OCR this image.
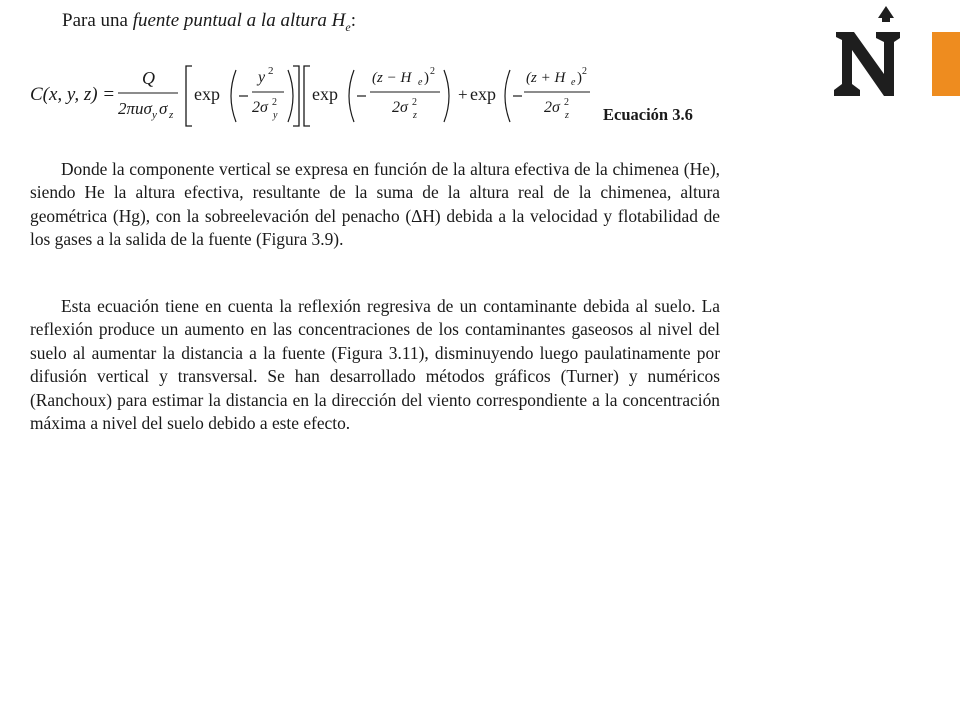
Para una fuente puntual a la altura $H_e$:
C(x, y, z) =
Q
2πuσ y σ z
exp
y 2
2σ 2
y
exp
(z − H e ) 2
2σ 2
z
+ exp
(z + H e ) 2
2σ 2
z Ecuación 3.6

Donde la componente vertical se expresa en función de la altura efectiva de la chimenea (He), siendo He la altura efectiva, resultante de la suma de la altura real de la chimenea, altura geométrica (Hg), con la sobreelevación del penacho (ΔH) debida a la velocidad y flotabilidad de los gases a la salida de la fuente (Figura 3.9).

Esta ecuación tiene en cuenta la reflexión regresiva de un contaminante debida al suelo. La reflexión produce un aumento en las concentraciones de los contaminantes gaseosos al nivel del suelo al aumentar la distancia a la fuente (Figura 3.11), disminuyendo luego paulatinamente por difusión vertical y transversal. Se han desarrollado métodos gráficos (Turner) y numéricos (Ranchoux) para estimar la distancia en la dirección del viento correspondiente a la concentración máxima a nivel del suelo debido a este efecto.
